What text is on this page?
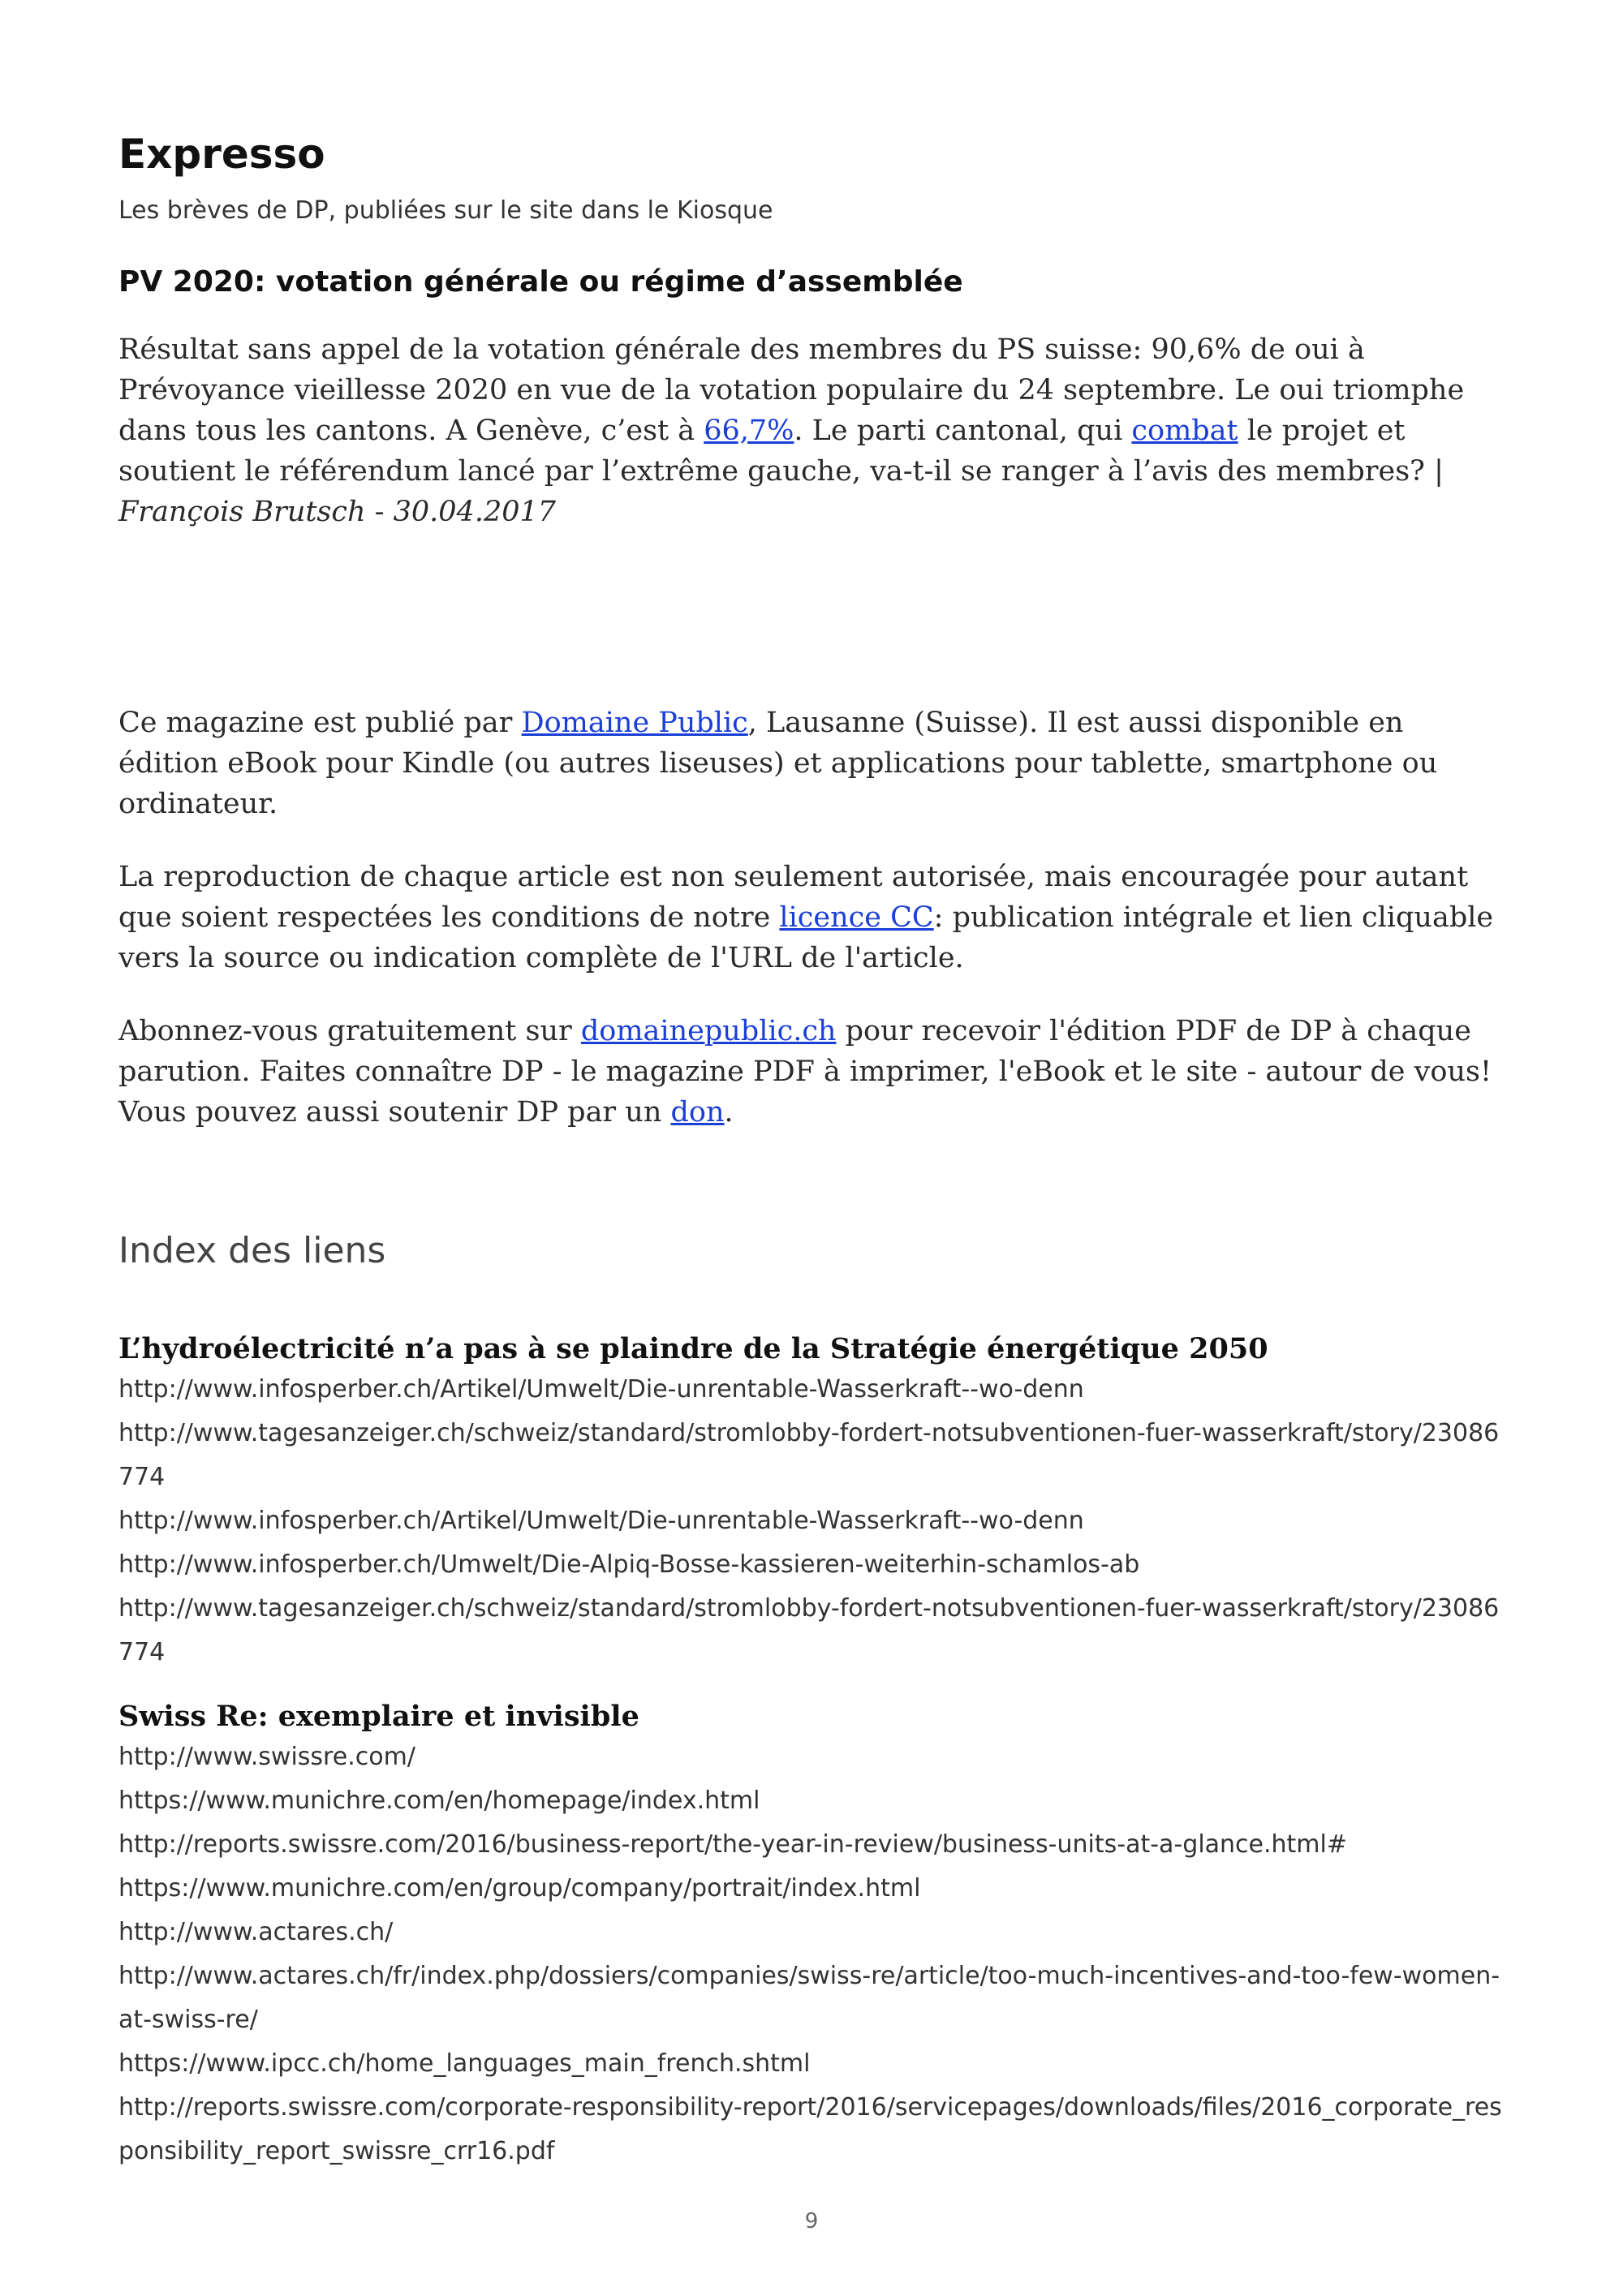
Expresso
Les brèves de DP, publiées sur le site dans le Kiosque
PV 2020: votation générale ou régime d’assemblée

Résultat sans appel de la votation générale des membres du PS suisse: 90,6% de oui à Prévoyance vieillesse 2020 en vue de la votation populaire du 24 septembre. Le oui triomphe dans tous les cantons. A Genève, c’est à 66,7%. Le parti cantonal, qui combat le projet et soutient le référendum lancé par l’extrême gauche, va-t-il se ranger à l’avis des membres? | François Brutsch - 30.04.2017

Ce magazine est publié par Domaine Public, Lausanne (Suisse). Il est aussi disponible en édition eBook pour Kindle (ou autres liseuses) et applications pour tablette, smartphone ou ordinateur.

La reproduction de chaque article est non seulement autorisée, mais encouragée pour autant que soient respectées les conditions de notre licence CC: publication intégrale et lien cliquable vers la source ou indication complète de l'URL de l'article.

Abonnez-vous gratuitement sur domainepublic.ch pour recevoir l'édition PDF de DP à chaque parution. Faites connaître DP - le magazine PDF à imprimer, l'eBook et le site - autour de vous! Vous pouvez aussi soutenir DP par un don.

Index des liens
L’hydroélectricité n’a pas à se plaindre de la Stratégie énergétique 2050
http://www.infosperber.ch/Artikel/Umwelt/Die-unrentable-Wasserkraft--wo-denn
http://www.tagesanzeiger.ch/schweiz/standard/stromlobby-fordert-notsubventionen-fuer-wasserkraft/story/23086774
http://www.infosperber.ch/Artikel/Umwelt/Die-unrentable-Wasserkraft--wo-denn
http://www.infosperber.ch/Umwelt/Die-Alpiq-Bosse-kassieren-weiterhin-schamlos-ab
http://www.tagesanzeiger.ch/schweiz/standard/stromlobby-fordert-notsubventionen-fuer-wasserkraft/story/23086774
Swiss Re: exemplaire et invisible
http://www.swissre.com/
https://www.munichre.com/en/homepage/index.html
http://reports.swissre.com/2016/business-report/the-year-in-review/business-units-at-a-glance.html#
https://www.munichre.com/en/group/company/portrait/index.html
http://www.actares.ch/
http://www.actares.ch/fr/index.php/dossiers/companies/swiss-re/article/too-much-incentives-and-too-few-women-at-swiss-re/
https://www.ipcc.ch/home_languages_main_french.shtml
http://reports.swissre.com/corporate-responsibility-report/2016/servicepages/downloads/files/2016_corporate_responsibility_report_swissre_crr16.pdf
9
